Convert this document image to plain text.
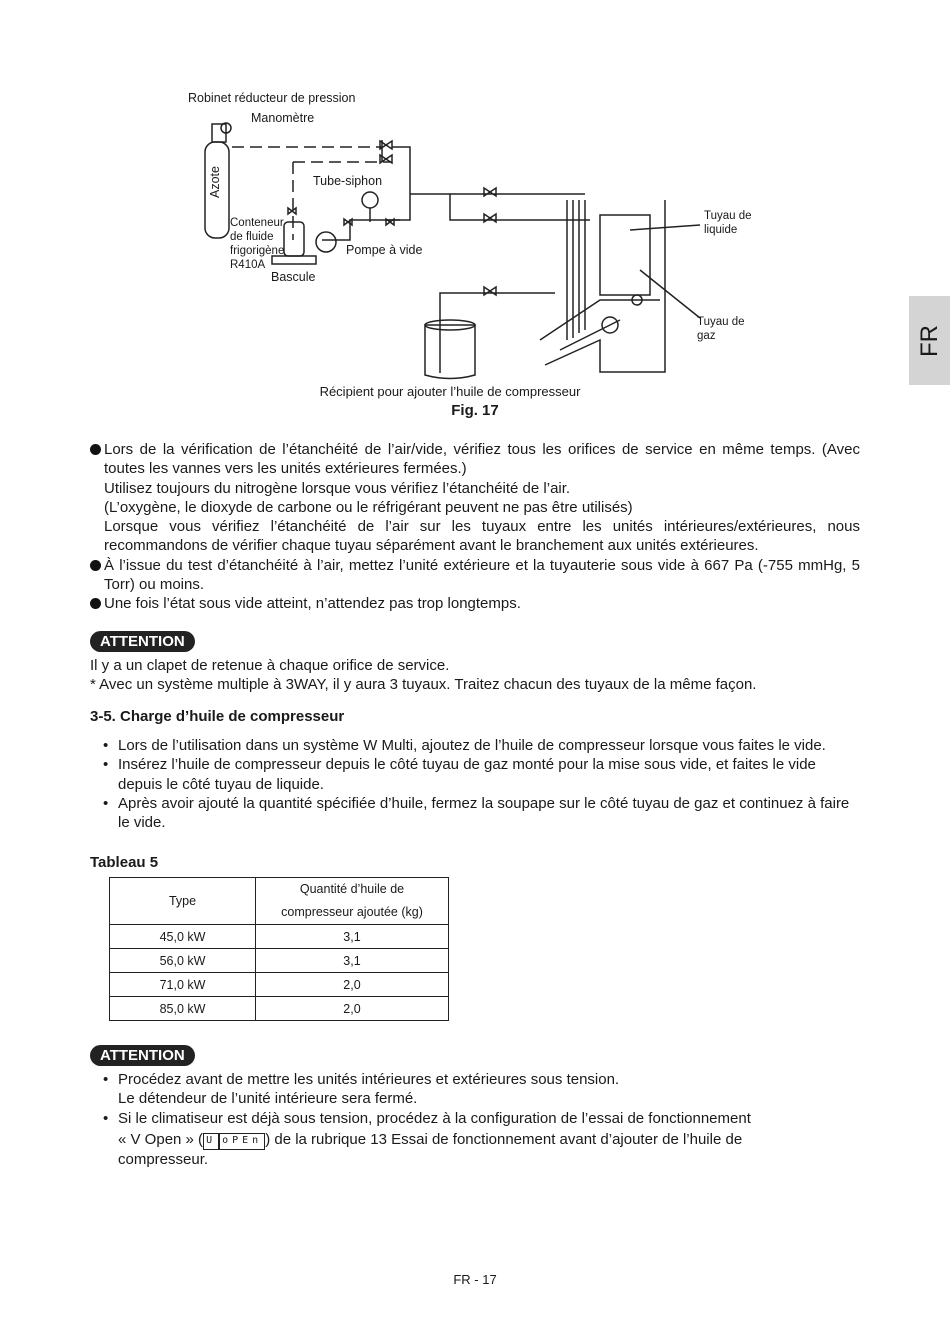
FR
Robinet réducteur de pression
Manomètre
Azote	Tube-siphon
Conteneur
de fluide
frigorigène
R410A
Bascule
Pompe à vide
Tuyau de
liquide
Tuyau de
gaz
Récipient pour ajouter l’huile de compresseur
Fig. 17
Lors de la vérification de l’étanchéité de l’air/vide, vérifiez tous les orifices de service en même temps. (Avec toutes les vannes vers les unités extérieures fermées.)
Utilisez toujours du nitrogène lorsque vous vérifiez l’étanchéité de l’air.
(L’oxygène, le dioxyde de carbone ou le réfrigérant peuvent ne pas être utilisés)
Lorsque vous vérifiez l’étanchéité de l’air sur les tuyaux entre les unités intérieures/extérieures, nous recommandons de vérifier chaque tuyau séparément avant le branchement aux unités extérieures.
À l’issue du test d’étanchéité à l’air, mettez l’unité extérieure et la tuyauterie sous vide à 667 Pa (-755 mmHg, 5 Torr) ou moins.
Une fois l’état sous vide atteint, n’attendez pas trop longtemps.
ATTENTION
Il y a un clapet de retenue à chaque orifice de service.
* Avec un système multiple à 3WAY, il y aura 3 tuyaux. Traitez chacun des tuyaux de la même façon.
3-5. Charge d’huile de compresseur
• Lors de l’utilisation dans un système W Multi, ajoutez de l’huile de compresseur lorsque vous faites le vide.
• Insérez l’huile de compresseur depuis le côté tuyau de gaz monté pour la mise sous vide, et faites le vide depuis le côté tuyau de liquide.
• Après avoir ajouté la quantité spécifiée d’huile, fermez la soupape sur le côté tuyau de gaz et continuez à faire le vide.
Tableau 5
Type	Quantité d’huile de
compresseur ajoutée (kg)

45,0 kW	3,1
56,0 kW	3,1
71,0 kW	2,0
85,0 kW	2,0
ATTENTION
• Procédez avant de mettre les unités intérieures et extérieures sous tension.
Le détendeur de l’unité intérieure sera fermé.
• Si le climatiseur est déjà sous tension, procédez à la configuration de l’essai de fonctionnement
« V Open » ( U oPEn ) de la rubrique 13 Essai de fonctionnement avant d’ajouter de l’huile de
compresseur.
FR - 17
